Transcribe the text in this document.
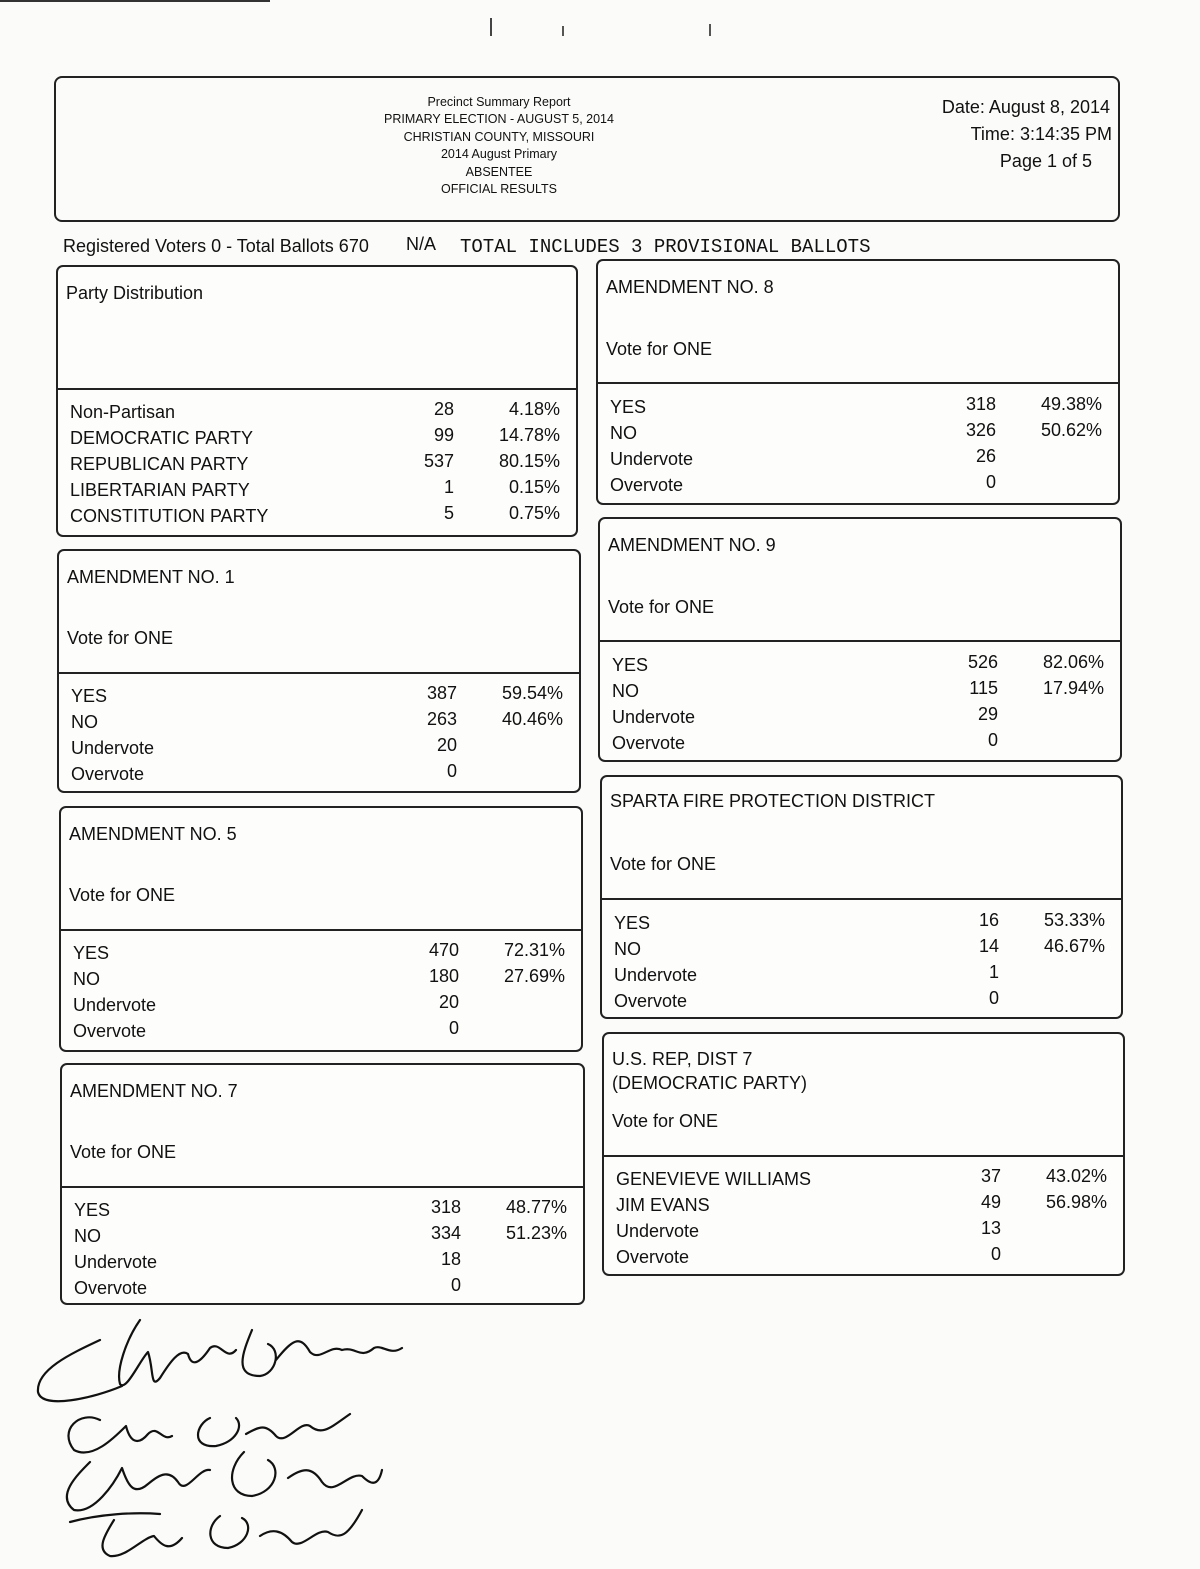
Precinct Summary Report
PRIMARY ELECTION - AUGUST 5, 2014
CHRISTIAN COUNTY, MISSOURI
2014 August Primary
ABSENTEE
OFFICIAL RESULTS
Date: August 8, 2014
Time: 3:14:35 PM
Page 1 of 5
Registered Voters 0 - Total Ballots 670 N/A TOTAL INCLUDES 3 PROVISIONAL BALLOTS
Party Distribution
Non-Partisan	28	4.18%
DEMOCRATIC PARTY	99 14.78%
REPUBLICAN PARTY	537 80.15%
LIBERTARIAN PARTY	1	0.15%
CONSTITUTION PARTY	5	0.75%
AMENDMENT NO. 1
Vote for ONE
YES	387 59.54%
NO	263 40.46%
Undervote	20
Overvote	0
AMENDMENT NO. 5
Vote for ONE
YES	470 72.31%
NO	180 27.69%
Undervote	20
Overvote	0
AMENDMENT NO. 7
Vote for ONE
YES	318 48.77%
NO	334 51.23%
Undervote	18
Overvote	0
AMENDMENT NO. 8
Vote for ONE
YES	318 49.38%
NO	326 50.62%
Undervote	26
Overvote	0
AMENDMENT NO. 9
Vote for ONE
YES	526 82.06%
NO	115 17.94%
Undervote	29
Overvote	0
SPARTA FIRE PROTECTION DISTRICT
Vote for ONE
YES	16 53.33%
NO	14 46.67%
Undervote	1
Overvote	0
U.S. REP, DIST 7
(DEMOCRATIC PARTY)
Vote for ONE
GENEVIEVE WILLIAMS	37 43.02%
JIM EVANS	49 56.98%
Undervote	13
Overvote	0
